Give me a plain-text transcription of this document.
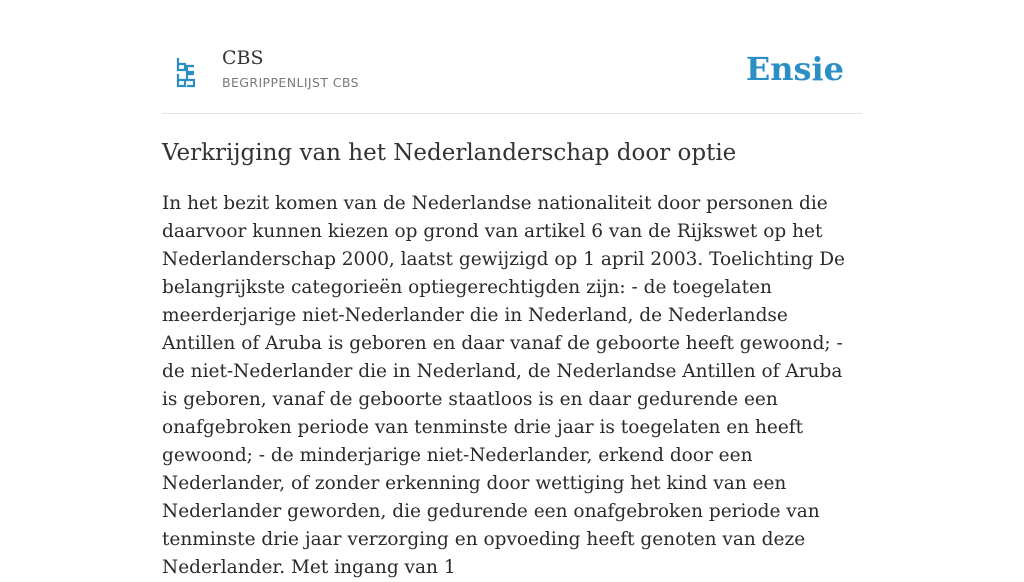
CBS
BEGRIPPENLIJST CBS	Ensie
Verkrijging van het Nederlanderschap door optie

In het bezit komen van de Nederlandse nationaliteit door personen die daarvoor kunnen kiezen op grond van artikel 6 van de Rijkswet op het Nederlanderschap 2000, laatst gewijzigd op 1 april 2003. Toelichting De belangrijkste categorieën optiegerechtigden zijn: - de toegelaten meerderjarige niet-Nederlander die in Nederland, de Nederlandse Antillen of Aruba is geboren en daar vanaf de geboorte heeft gewoond; - de niet-Nederlander die in Nederland, de Nederlandse Antillen of Aruba is geboren, vanaf de geboorte staatloos is en daar gedurende een onafgebroken periode van tenminste drie jaar is toegelaten en heeft gewoond; - de minderjarige niet-Nederlander, erkend door een Nederlander, of zonder erkenning door wettiging het kind van een Nederlander geworden, die gedurende een onafgebroken periode van tenminste drie jaar verzorging en opvoeding heeft genoten van deze Nederlander. Met ingang van 1
